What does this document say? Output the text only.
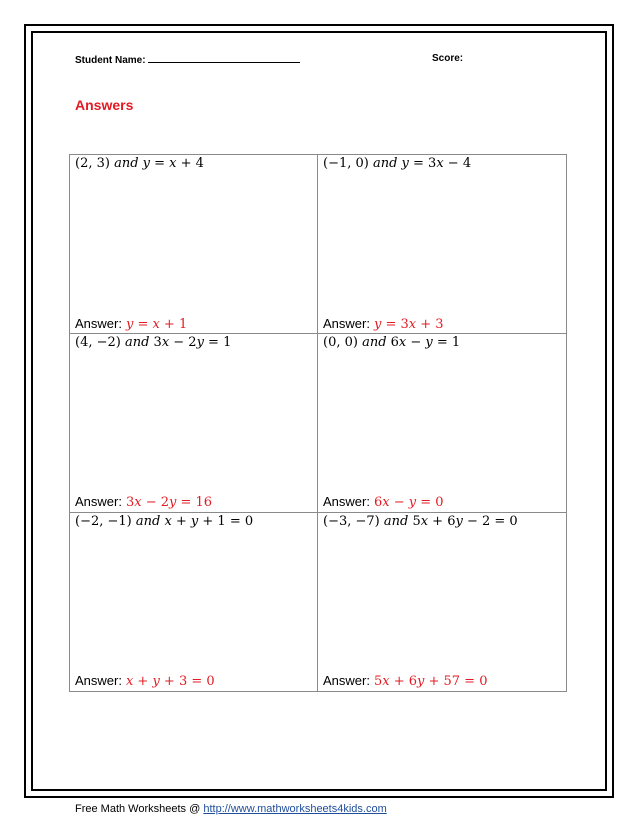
Student Name:	Score:
Answers
(2, 3) 𝑎𝑛𝑑 𝑦 = 𝑥 + 4
Answer: 𝑦 = 𝑥 + 1
(−1, 0) 𝑎𝑛𝑑 𝑦 = 3𝑥 − 4
Answer: 𝑦 = 3𝑥 + 3
(4, −2) 𝑎𝑛𝑑 3𝑥 − 2𝑦 = 1
Answer: 3𝑥 − 2𝑦 = 16
(0, 0) 𝑎𝑛𝑑 6𝑥 − 𝑦 = 1
Answer: 6𝑥 − 𝑦 = 0
(−2, −1) 𝑎𝑛𝑑 𝑥 + 𝑦 + 1 = 0
Answer: 𝑥 + 𝑦 + 3 = 0
(−3, −7) 𝑎𝑛𝑑 5𝑥 + 6𝑦 − 2 = 0
Answer: 5𝑥 + 6𝑦 + 57 = 0
Free Math Worksheets @ http://www.mathworksheets4kids.com
